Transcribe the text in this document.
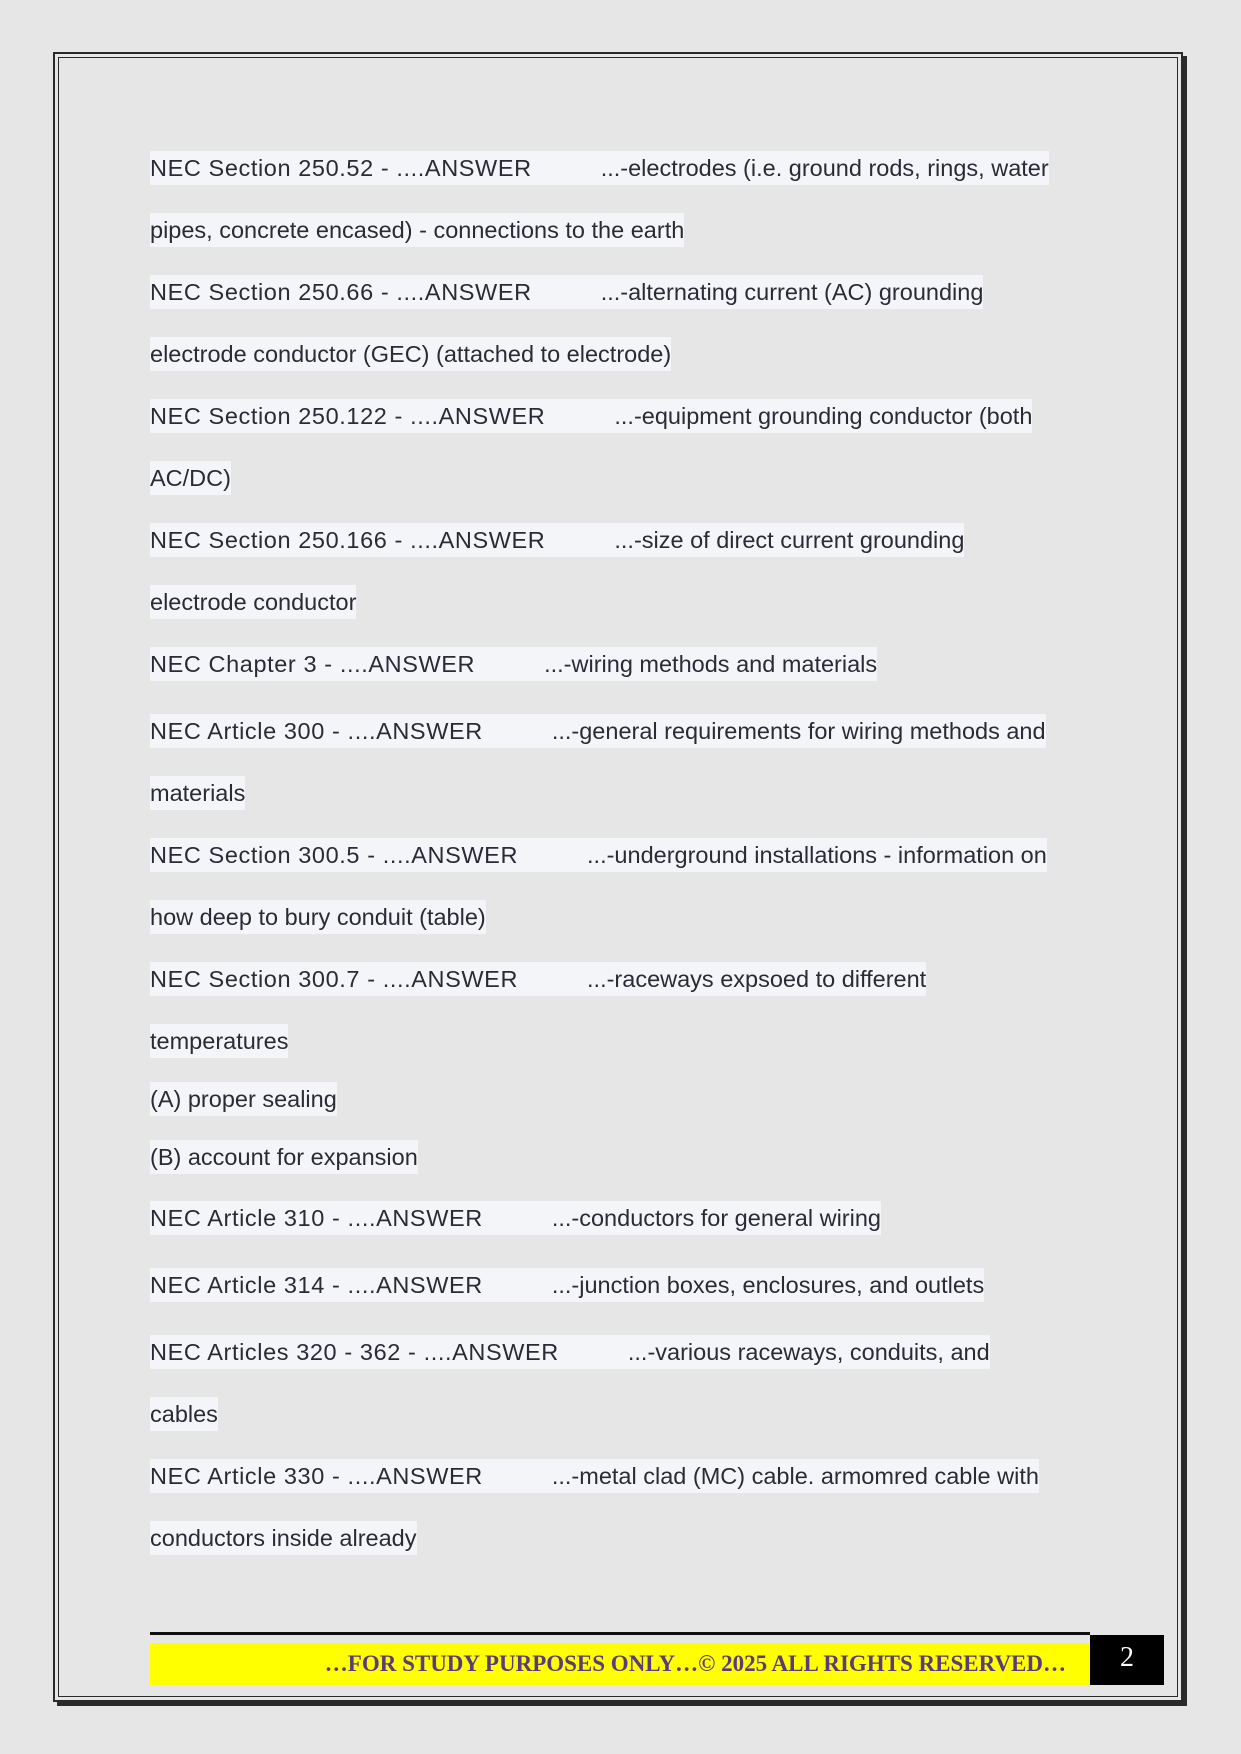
NEC Section 250.52 - ....ANSWER	...-electrodes (i.e. ground rods, rings, water
pipes, concrete encased) - connections to the earth
NEC Section 250.66 - ....ANSWER	...-alternating current (AC) grounding
electrode conductor (GEC) (attached to electrode)
NEC Section 250.122 - ....ANSWER	...-equipment grounding conductor (both
AC/DC)
NEC Section 250.166 - ....ANSWER	...-size of direct current grounding
electrode conductor
NEC Chapter 3 - ....ANSWER	...-wiring methods and materials
NEC Article 300 - ....ANSWER	...-general requirements for wiring methods and
materials
NEC Section 300.5 - ....ANSWER	...-underground installations - information on
how deep to bury conduit (table)
NEC Section 300.7 - ....ANSWER	...-raceways expsoed to different
temperatures
(A) proper sealing
(B) account for expansion
NEC Article 310 - ....ANSWER	...-conductors for general wiring
NEC Article 314 - ....ANSWER	...-junction boxes, enclosures, and outlets
NEC Articles 320 - 362 - ....ANSWER	...-various raceways, conduits, and
cables
NEC Article 330 - ....ANSWER	...-metal clad (MC) cable. armomred cable with
conductors inside already
…FOR STUDY PURPOSES ONLY…© 2025 ALL RIGHTS RESERVED…	2
